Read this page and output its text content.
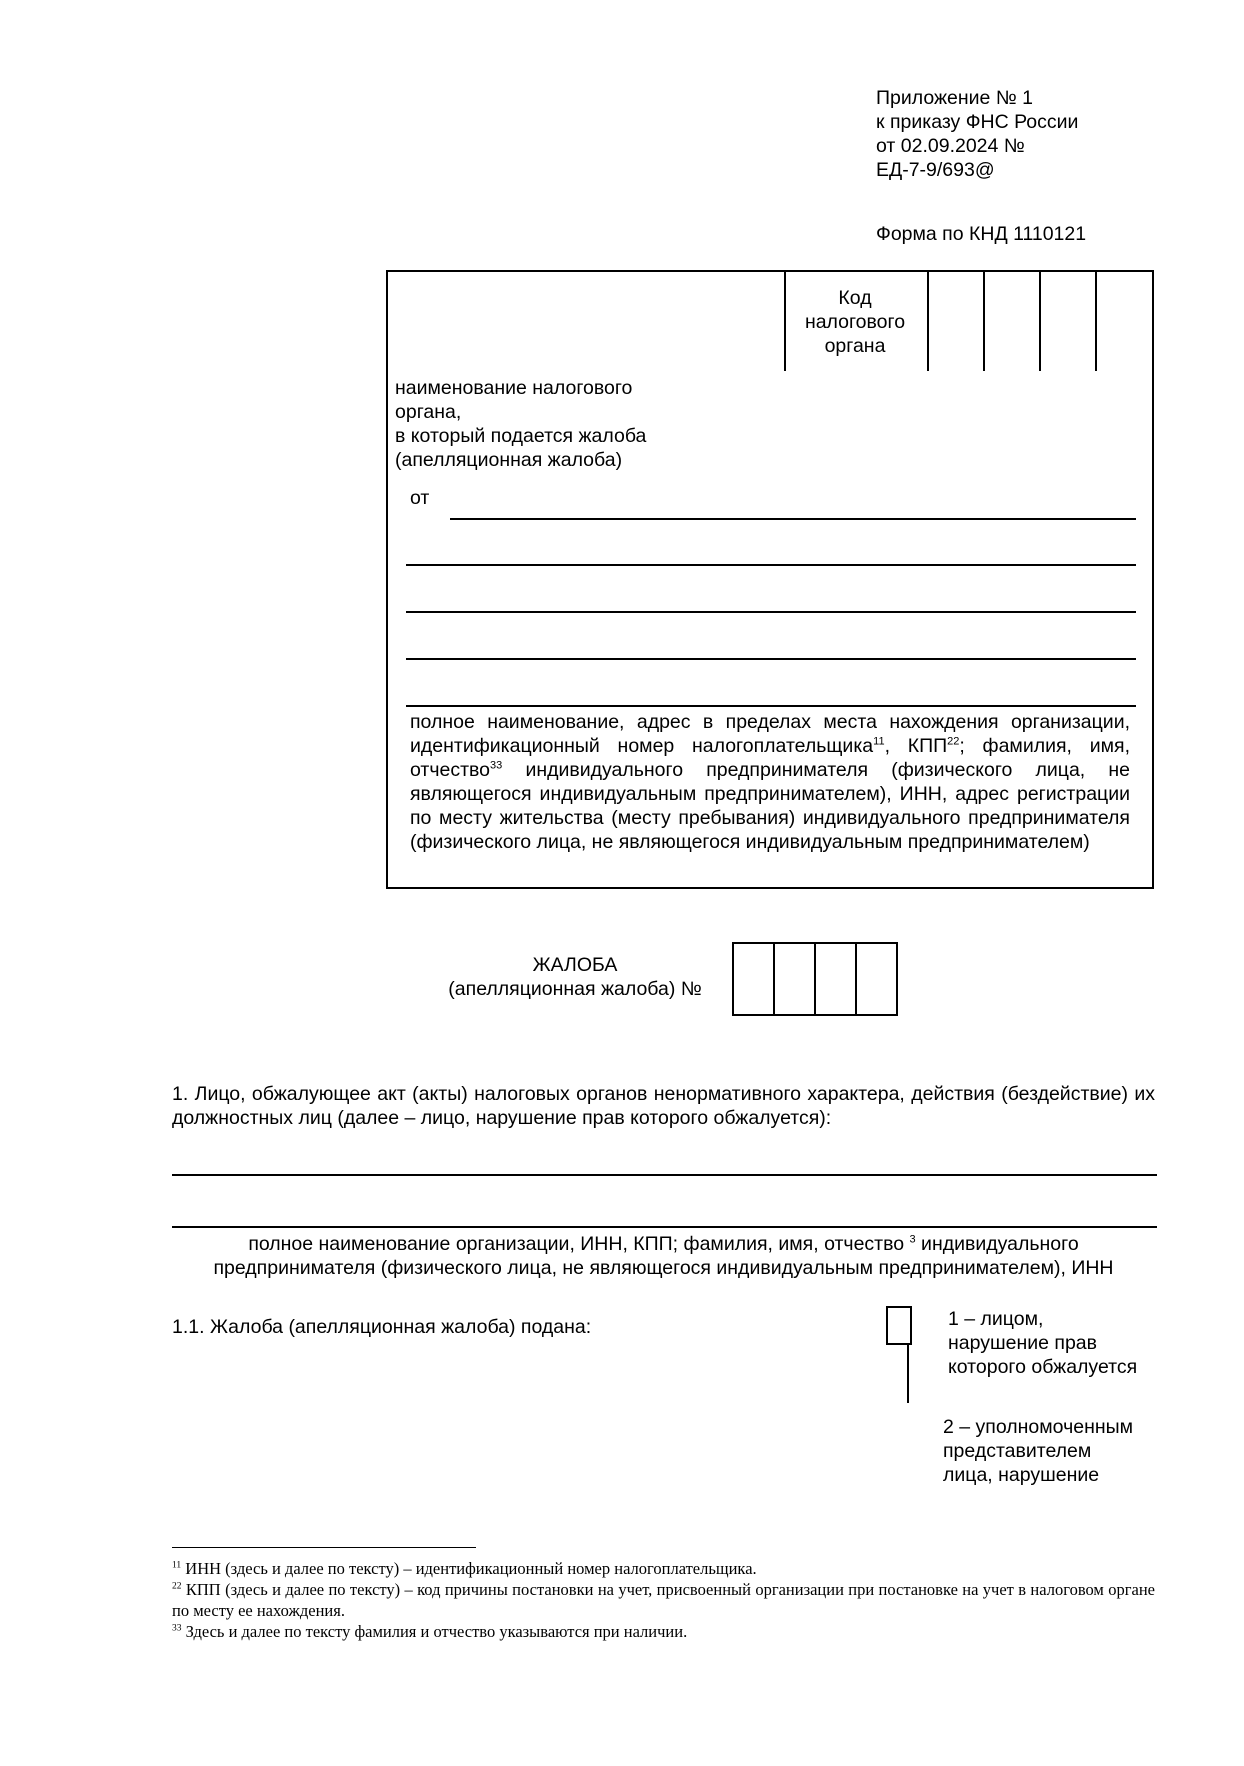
Приложение № 1
к приказу ФНС России
от 02.09.2024 №
ЕД-7-9/693@
Форма по КНД 1110121
Код
налогового
органа
наименование налогового
органа,
в который подается жалоба
(апелляционная жалоба)
от
полное наименование, адрес в пределах места нахождения организации, идентификационный номер налогоплательщика$^{11}$, КПП$^{22}$; фамилия, имя, отчество$^{33}$ индивидуального предпринимателя (физического лица, не являющегося индивидуальным предпринимателем), ИНН, адрес регистрации по месту жительства (месту пребывания) индивидуального предпринимателя (физического лица, не являющегося индивидуальным предпринимателем)
ЖАЛОБА
(апелляционная жалоба) №
1. Лицо, обжалующее акт (акты) налоговых органов ненормативного характера, действия (бездействие) их должностных лиц (далее – лицо, нарушение прав которого обжалуется):
полное наименование организации, ИНН, КПП; фамилия, имя, отчество $^3$ индивидуального предпринимателя (физического лица, не являющегося индивидуальным предпринимателем), ИНН
1.1. Жалоба (апелляционная жалоба) подана:	1 – лицом, нарушение прав которого обжалуется
2 – уполномоченным представителем лица, нарушение
$^{11}$ ИНН (здесь и далее по тексту) – идентификационный номер налогоплательщика.
$^{22}$ КПП (здесь и далее по тексту) – код причины постановки на учет, присвоенный организации при постановке на учет в налоговом органе по месту ее нахождения.
$^{33}$ Здесь и далее по тексту фамилия и отчество указываются при наличии.
